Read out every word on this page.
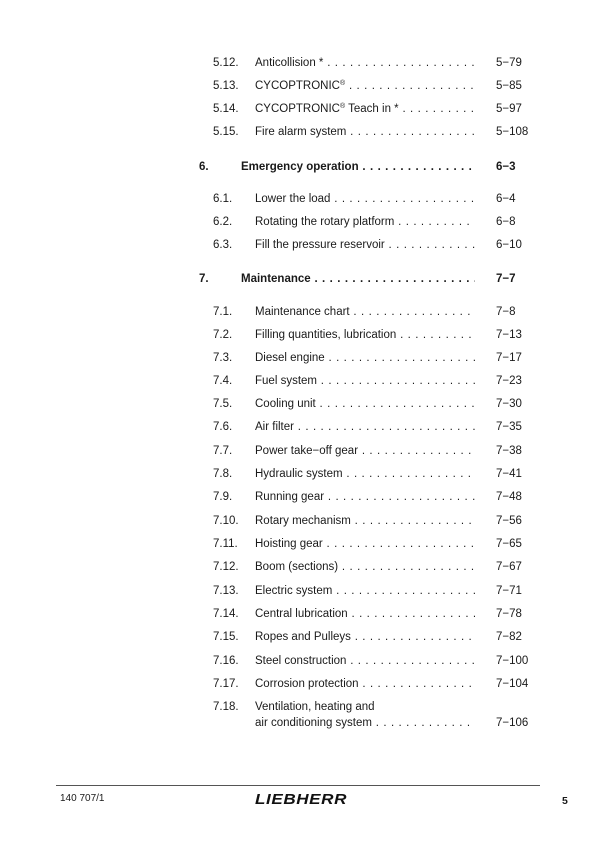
5.12. Anticollision * . . .	5−79
5.13. CYCOPTRONIC® . . .	5−85
5.14. CYCOPTRONIC® Teach in * . . .	5−97
5.15. Fire alarm system . . .	5−108
6.	Emergency operation . . .	6−3
6.1. Lower the load . . .	6−4
6.2. Rotating the rotary platform . . .	6−8
6.3. Fill the pressure reservoir . . .	6−10
7.	Maintenance . . .	7−7
7.1. Maintenance chart . . .	7−8
7.2. Filling quantities, lubrication . . .	7−13
7.3. Diesel engine . . .	7−17
7.4. Fuel system . . .	7−23
7.5. Cooling unit . . .	7−30
7.6. Air filter . . .	7−35
7.7. Power take−off gear . . .	7−38
7.8. Hydraulic system . . .	7−41
7.9. Running gear . . .	7−48
7.10. Rotary mechanism . . .	7−56
7.11. Hoisting gear . . .	7−65
7.12. Boom (sections) . . .	7−67
7.13. Electric system . . .	7−71
7.14. Central lubrication . . .	7−78
7.15. Ropes and Pulleys . . .	7−82
7.16. Steel construction . . .	7−100
7.17. Corrosion protection . . .	7−104
7.18. Ventilation, heating and
air conditioning system . . .	7−106
140 707/1	LIEBHERR	5
